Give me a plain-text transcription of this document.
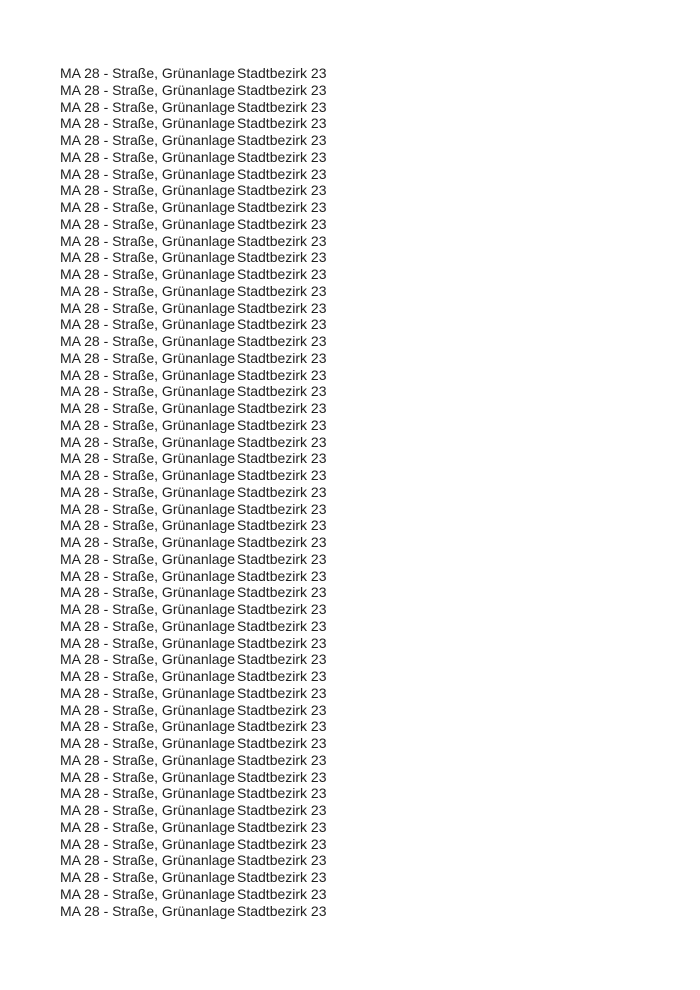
MA 28 - Straße, Grünanlage Stadtbezirk 23
MA 28 - Straße, Grünanlage Stadtbezirk 23
MA 28 - Straße, Grünanlage Stadtbezirk 23
MA 28 - Straße, Grünanlage Stadtbezirk 23
MA 28 - Straße, Grünanlage Stadtbezirk 23
MA 28 - Straße, Grünanlage Stadtbezirk 23
MA 28 - Straße, Grünanlage Stadtbezirk 23
MA 28 - Straße, Grünanlage Stadtbezirk 23
MA 28 - Straße, Grünanlage Stadtbezirk 23
MA 28 - Straße, Grünanlage Stadtbezirk 23
MA 28 - Straße, Grünanlage Stadtbezirk 23
MA 28 - Straße, Grünanlage Stadtbezirk 23
MA 28 - Straße, Grünanlage Stadtbezirk 23
MA 28 - Straße, Grünanlage Stadtbezirk 23
MA 28 - Straße, Grünanlage Stadtbezirk 23
MA 28 - Straße, Grünanlage Stadtbezirk 23
MA 28 - Straße, Grünanlage Stadtbezirk 23
MA 28 - Straße, Grünanlage Stadtbezirk 23
MA 28 - Straße, Grünanlage Stadtbezirk 23
MA 28 - Straße, Grünanlage Stadtbezirk 23
MA 28 - Straße, Grünanlage Stadtbezirk 23
MA 28 - Straße, Grünanlage Stadtbezirk 23
MA 28 - Straße, Grünanlage Stadtbezirk 23
MA 28 - Straße, Grünanlage Stadtbezirk 23
MA 28 - Straße, Grünanlage Stadtbezirk 23
MA 28 - Straße, Grünanlage Stadtbezirk 23
MA 28 - Straße, Grünanlage Stadtbezirk 23
MA 28 - Straße, Grünanlage Stadtbezirk 23
MA 28 - Straße, Grünanlage Stadtbezirk 23
MA 28 - Straße, Grünanlage Stadtbezirk 23
MA 28 - Straße, Grünanlage Stadtbezirk 23
MA 28 - Straße, Grünanlage Stadtbezirk 23
MA 28 - Straße, Grünanlage Stadtbezirk 23
MA 28 - Straße, Grünanlage Stadtbezirk 23
MA 28 - Straße, Grünanlage Stadtbezirk 23
MA 28 - Straße, Grünanlage Stadtbezirk 23
MA 28 - Straße, Grünanlage Stadtbezirk 23
MA 28 - Straße, Grünanlage Stadtbezirk 23
MA 28 - Straße, Grünanlage Stadtbezirk 23
MA 28 - Straße, Grünanlage Stadtbezirk 23
MA 28 - Straße, Grünanlage Stadtbezirk 23
MA 28 - Straße, Grünanlage Stadtbezirk 23
MA 28 - Straße, Grünanlage Stadtbezirk 23
MA 28 - Straße, Grünanlage Stadtbezirk 23
MA 28 - Straße, Grünanlage Stadtbezirk 23
MA 28 - Straße, Grünanlage Stadtbezirk 23
MA 28 - Straße, Grünanlage Stadtbezirk 23
MA 28 - Straße, Grünanlage Stadtbezirk 23
MA 28 - Straße, Grünanlage Stadtbezirk 23
MA 28 - Straße, Grünanlage Stadtbezirk 23
MA 28 - Straße, Grünanlage Stadtbezirk 23
